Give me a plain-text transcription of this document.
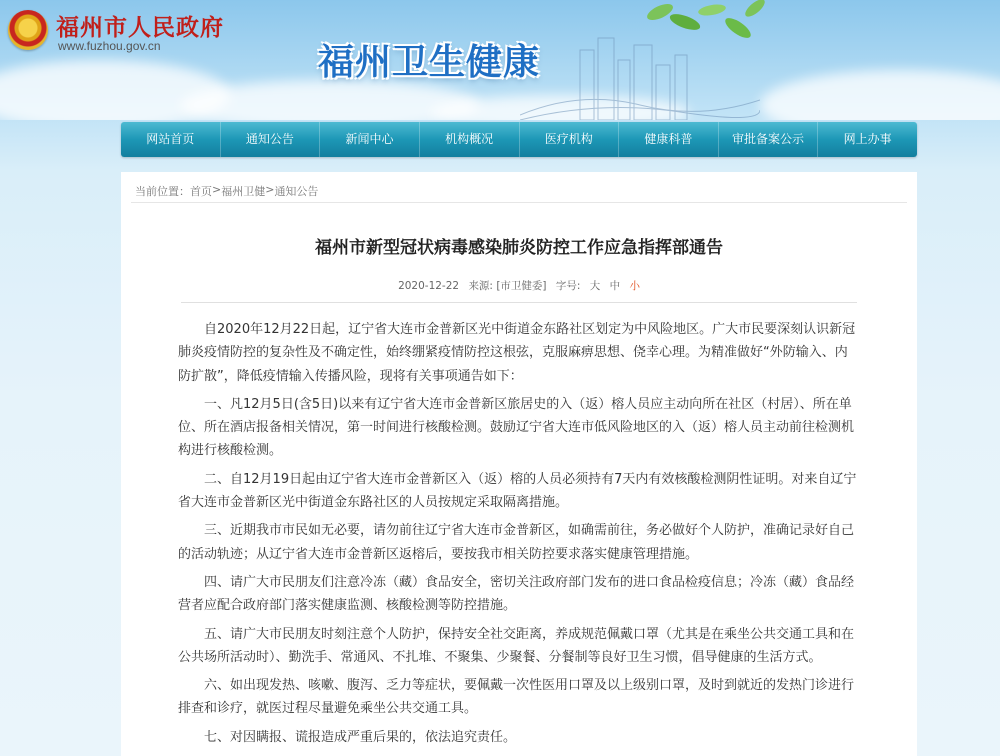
福州市人民政府
www.fuzhou.gov.cn	福州卫生健康
网站首页	通知公告	新闻中心	机构概况	医疗机构	健康科普	审批备案公示	网上办事
当前位置： 首页 > 福州卫健 > 通知公告
福州市新型冠状病毒感染肺炎防控工作应急指挥部通告
2020-12-22 来源: [市卫健委] 字号: 大 中 小

自2020年12月22日起，辽宁省大连市金普新区光中街道金东路社区划定为中风险地区。广大市民要深刻认识新冠肺炎疫情防控的复杂性及不确定性，始终绷紧疫情防控这根弦，克服麻痹思想、侥幸心理。为精准做好“外防输入、内防扩散”，降低疫情输入传播风险，现将有关事项通告如下：

一、凡12月5日(含5日)以来有辽宁省大连市金普新区旅居史的入（返）榕人员应主动向所在社区（村居）、所在单位、所在酒店报备相关情况，第一时间进行核酸检测。鼓励辽宁省大连市低风险地区的入（返）榕人员主动前往检测机构进行核酸检测。

二、自12月19日起由辽宁省大连市金普新区入（返）榕的人员必须持有7天内有效核酸检测阴性证明。对来自辽宁省大连市金普新区光中街道金东路社区的人员按规定采取隔离措施。

三、近期我市市民如无必要，请勿前往辽宁省大连市金普新区，如确需前往，务必做好个人防护，准确记录好自己的活动轨迹；从辽宁省大连市金普新区返榕后，要按我市相关防控要求落实健康管理措施。

四、请广大市民朋友们注意冷冻（藏）食品安全，密切关注政府部门发布的进口食品检疫信息；冷冻（藏）食品经营者应配合政府部门落实健康监测、核酸检测等防控措施。

五、请广大市民朋友时刻注意个人防护，保持安全社交距离，养成规范佩戴口罩（尤其是在乘坐公共交通工具和在公共场所活动时）、勤洗手、常通风、不扎堆、不聚集、少聚餐、分餐制等良好卫生习惯，倡导健康的生活方式。

六、如出现发热、咳嗽、腹泻、乏力等症状，要佩戴一次性医用口罩及以上级别口罩，及时到就近的发热门诊进行排查和诊疗，就医过程尽量避免乘坐公共交通工具。

七、对因瞒报、谎报造成严重后果的，依法追究责任。
